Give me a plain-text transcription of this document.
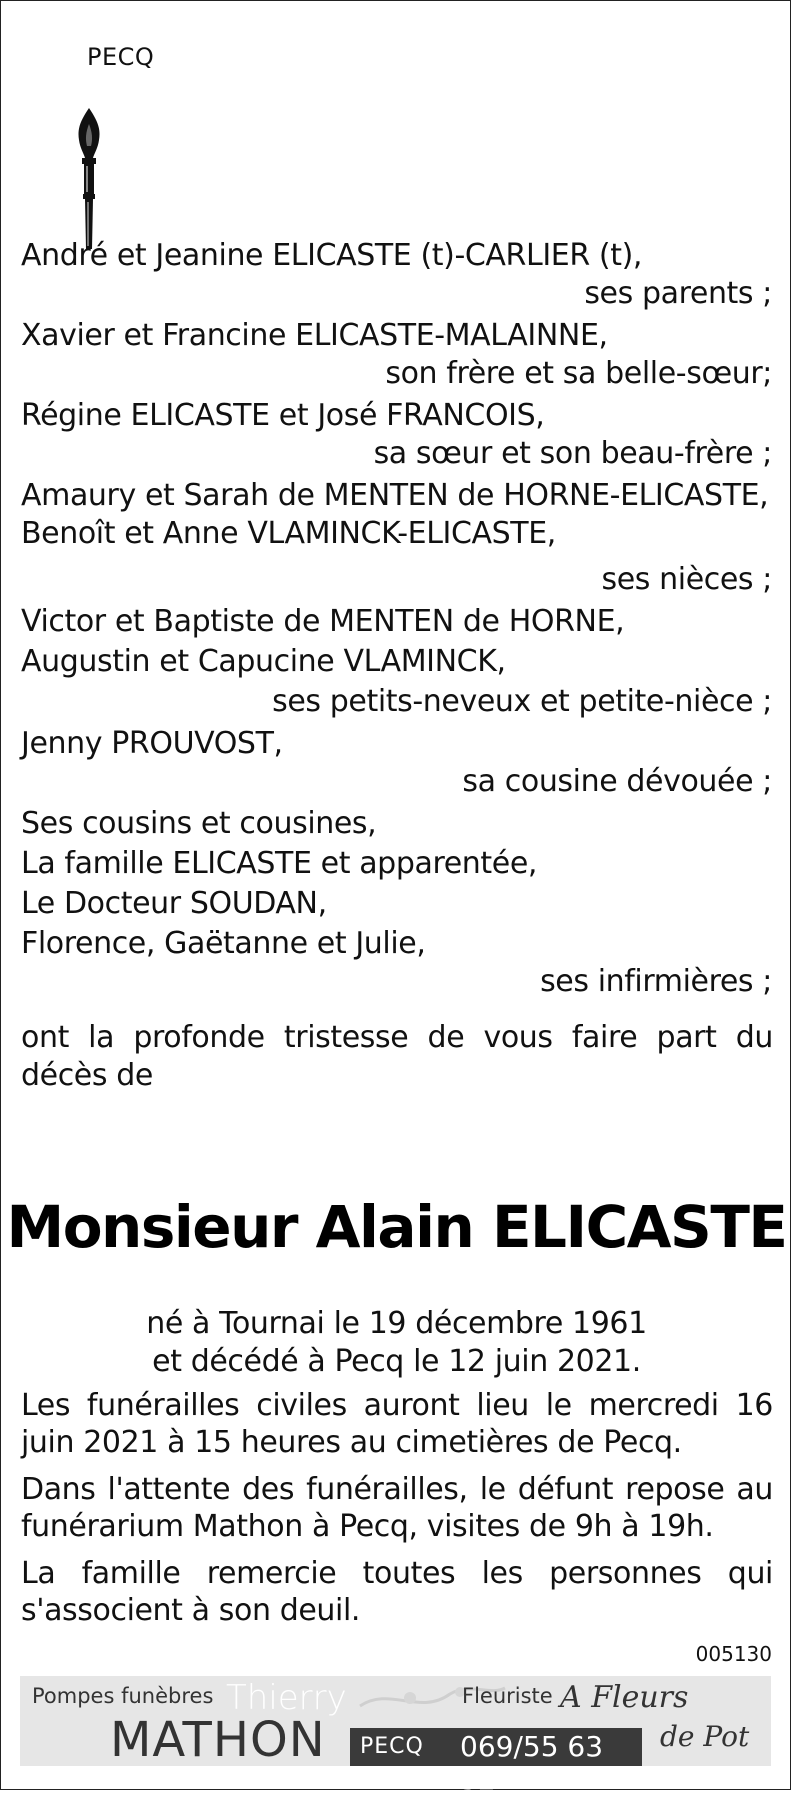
PECQ
André et Jeanine ELICASTE (t)-CARLIER (t),
ses parents ;
Xavier et Francine ELICASTE-MALAINNE,
son frère et sa belle-sœur;
Régine ELICASTE et José FRANCOIS,
sa sœur et son beau-frère ;
Amaury et Sarah de MENTEN de HORNE-ELICASTE,
Benoît et Anne VLAMINCK-ELICASTE,
ses nièces ;
Victor et Baptiste de MENTEN de HORNE,
Augustin et Capucine VLAMINCK,
ses petits-neveux et petite-nièce ;
Jenny PROUVOST,
sa cousine dévouée ;
Ses cousins et cousines,
La famille ELICASTE et apparentée,
Le Docteur SOUDAN,
Florence, Gaëtanne et Julie,
ses infirmières ;
ont la profonde tristesse de vous faire part du décès de
Monsieur Alain ELICASTE
né à Tournai le 19 décembre 1961
et décédé à Pecq le 12 juin 2021.
Les funérailles civiles auront lieu le mercredi 16 juin 2021 à 15 heures au cimetières de Pecq.
Dans l'attente des funérailles, le défunt repose au funérarium Mathon à Pecq, visites de 9h à 19h.
La famille remercie toutes les personnes qui s'associent à son deuil.
005130
Pompes funèbres Thierry
MATHON
Fleuriste A Fleurs
de Pot
PECQ 069/55 63 52
